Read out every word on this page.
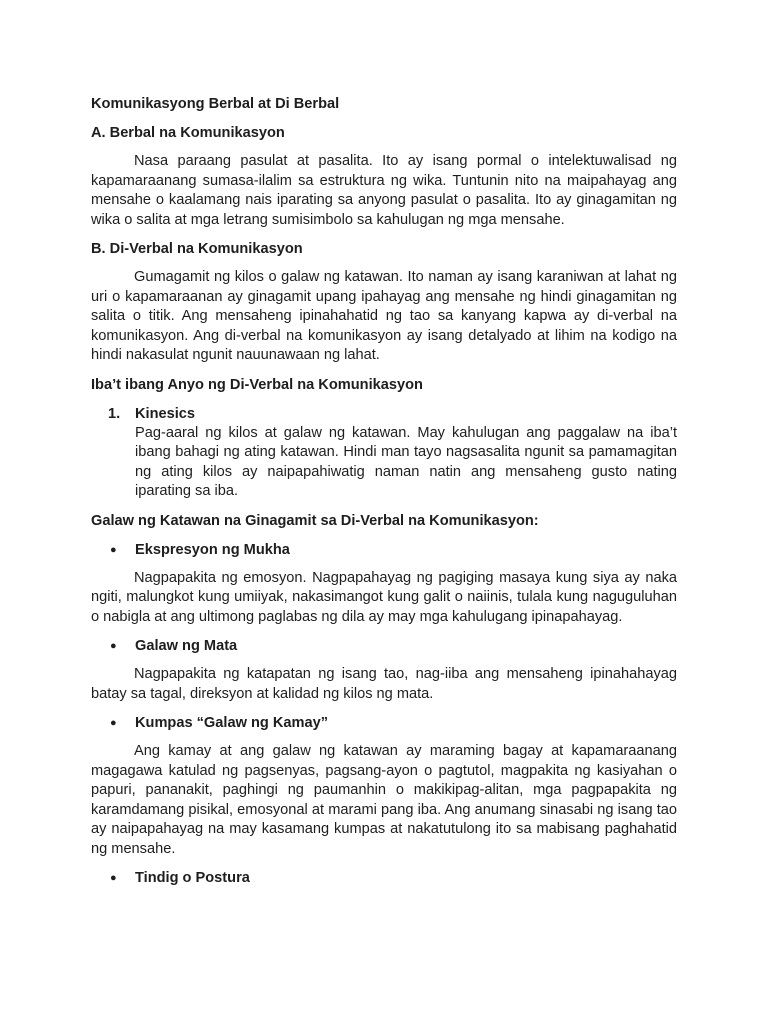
Komunikasyong Berbal at Di Berbal
A. Berbal na Komunikasyon

Nasa paraang pasulat at pasalita. Ito ay isang pormal o intelektuwalisad ng kapamaraanang sumasa-ilalim sa estruktura ng wika. Tuntunin nito na maipahayag ang mensahe o kaalamang nais iparating sa anyong pasulat o pasalita. Ito ay ginagamitan ng wika o salita at mga letrang sumisimbolo sa kahulugan ng mga mensahe.

B. Di-Verbal na Komunikasyon

Gumagamit ng kilos o galaw ng katawan. Ito naman ay isang karaniwan at lahat ng uri o kapamaraanan ay ginagamit upang ipahayag ang mensahe ng hindi ginagamitan ng salita o titik. Ang mensaheng ipinahahatid ng tao sa kanyang kapwa ay di-verbal na komunikasyon. Ang di-verbal na komunikasyon ay isang detalyado at lihim na kodigo na hindi nakasulat ngunit nauunawaan ng lahat.

Iba’t ibang Anyo ng Di-Verbal na Komunikasyon
1.	Kinesics

Pag-aaral ng kilos at galaw ng katawan. May kahulugan ang paggalaw na iba’t ibang bahagi ng ating katawan. Hindi man tayo nagsasalita ngunit sa pamamagitan ng ating kilos ay naipapahiwatig naman natin ang mensaheng gusto nating iparating sa iba.

Galaw ng Katawan na Ginagamit sa Di-Verbal na Komunikasyon:
●	Ekspresyon ng Mukha

Nagpapakita ng emosyon. Nagpapahayag ng pagiging masaya kung siya ay naka ngiti, malungkot kung umiiyak, nakasimangot kung galit o naiinis, tulala kung naguguluhan o nabigla at ang ultimong paglabas ng dila ay may mga kahulugang ipinapahayag.

●	Galaw ng Mata

Nagpapakita ng katapatan ng isang tao, nag-iiba ang mensaheng ipinahahayag batay sa tagal, direksyon at kalidad ng kilos ng mata.

●	Kumpas “Galaw ng Kamay”

Ang kamay at ang galaw ng katawan ay maraming bagay at kapamaraanang magagawa katulad ng pagsenyas, pagsang-ayon o pagtutol, magpakita ng kasiyahan o papuri, pananakit, paghingi ng paumanhin o makikipag-alitan, mga pagpapakita ng karamdamang pisikal, emosyonal at marami pang iba. Ang anumang sinasabi ng isang tao ay naipapahayag na may kasamang kumpas at nakatutulong ito sa mabisang paghahatid ng mensahe.

●	Tindig o Postura
